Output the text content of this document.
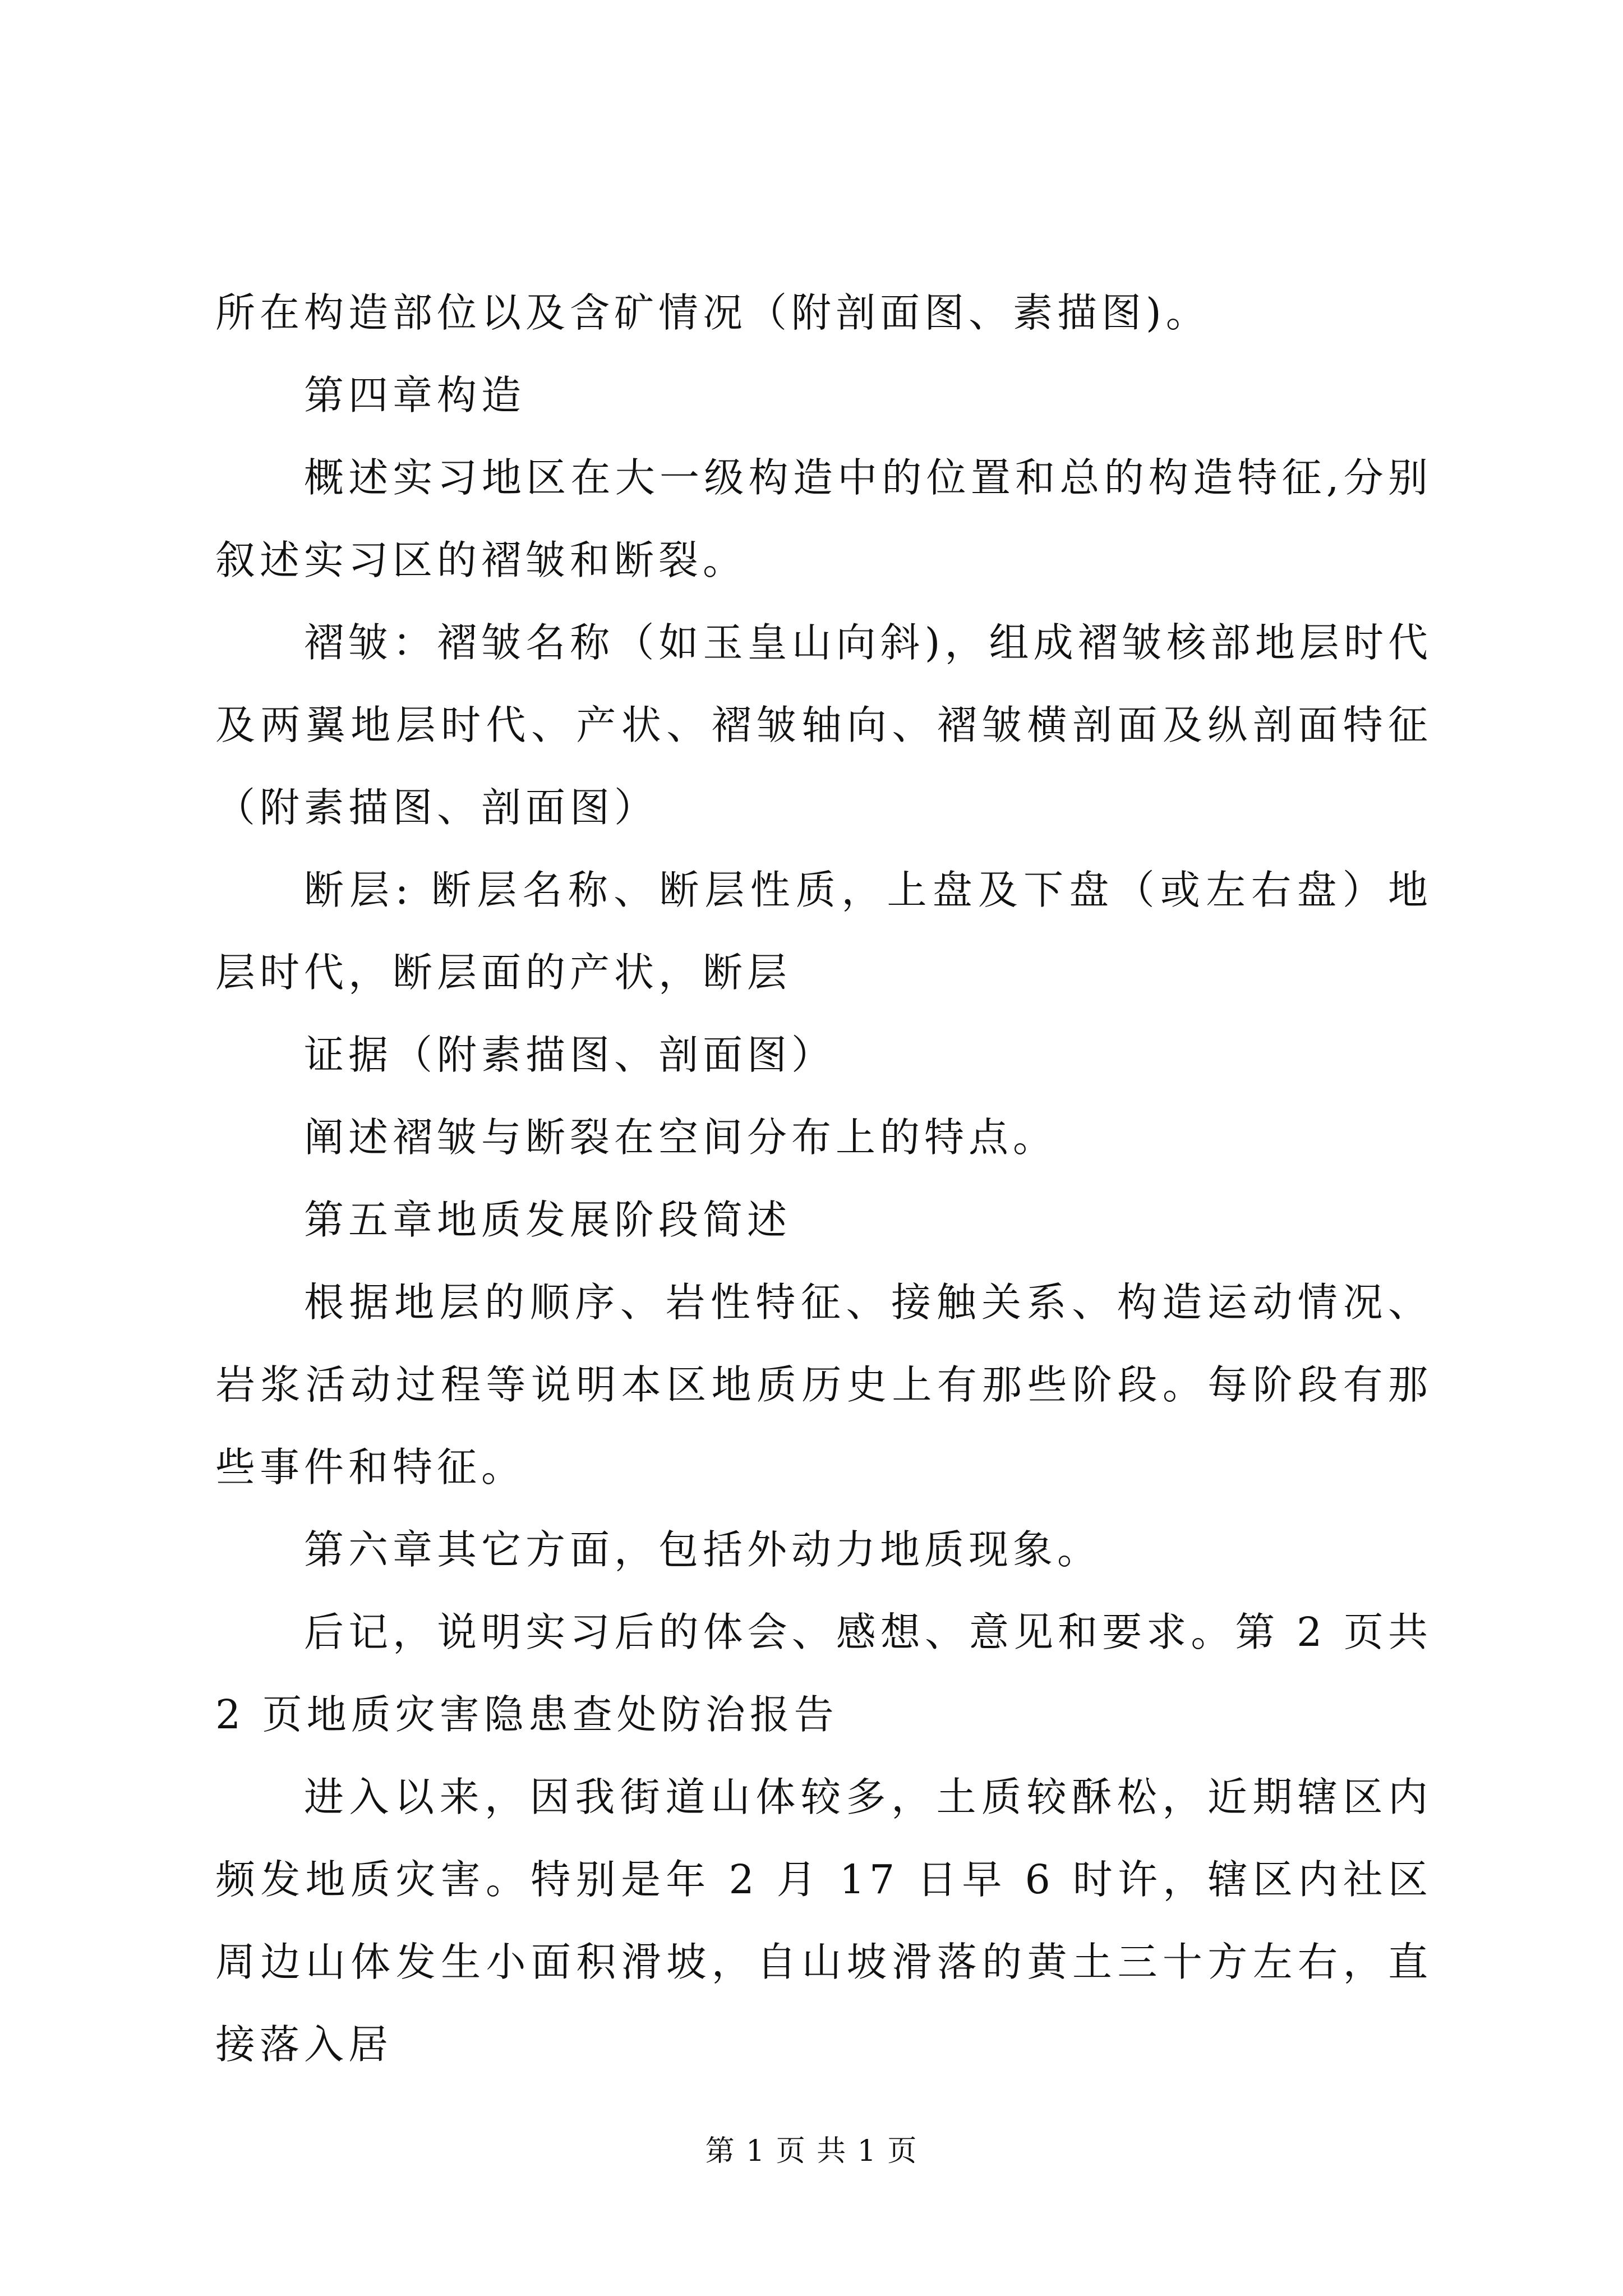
所在构造部位以及含矿情况（附剖面图、素描图)。

第四章构造

概述实习地区在大一级构造中的位置和总的构造特征,分别叙述实习区的褶皱和断裂。

褶皱：褶皱名称（如玉皇山向斜)，组成褶皱核部地层时代及两翼地层时代、产状、褶皱轴向、褶皱横剖面及纵剖面特征（附素描图、剖面图）

断层: 断层名称、断层性质，上盘及下盘（或左右盘）地层时代，断层面的产状，断层

证据（附素描图、剖面图）

阐述褶皱与断裂在空间分布上的特点。

第五章地质发展阶段简述

根据地层的顺序、岩性特征、接触关系、构造运动情况、岩浆活动过程等说明本区地质历史上有那些阶段。每阶段有那些事件和特征。

第六章其它方面，包括外动力地质现象。

后记，说明实习后的体会、感想、意见和要求。第 2 页共 2 页地质灾害隐患查处防治报告

进入以来，因我街道山体较多，土质较酥松，近期辖区内频发地质灾害。特别是年 2 月 17 日早 6 时许，辖区内社区周边山体发生小面积滑坡，自山坡滑落的黄土三十方左右，直接落入居

第 1 页 共 1 页
